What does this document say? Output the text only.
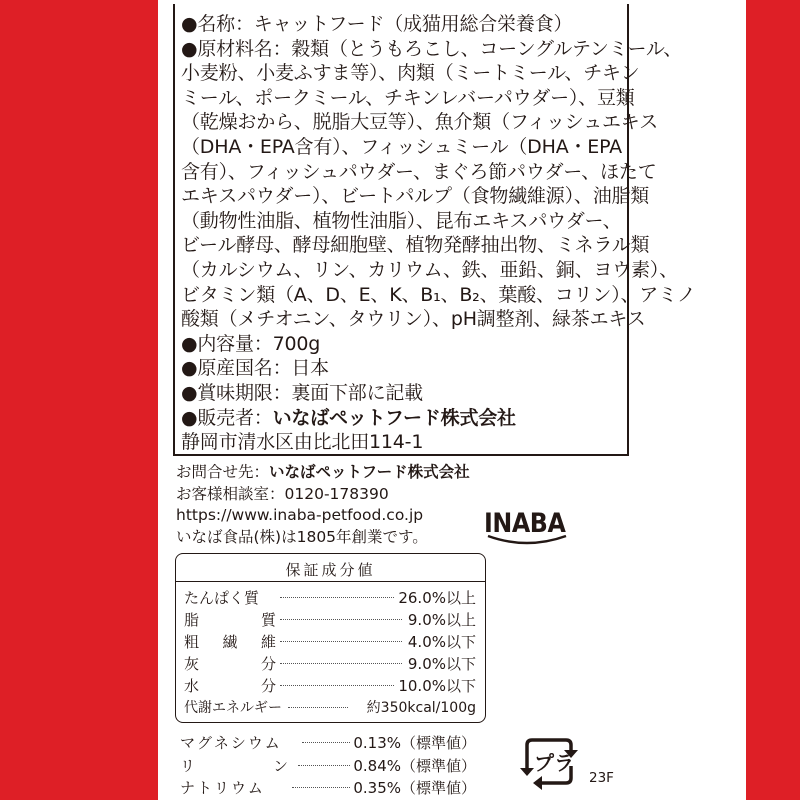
●名称：キャットフード（成猫用総合栄養食）
●原材料名：穀類（とうもろこし、コーングルテンミール、
小麦粉、小麦ふすま等）、肉類（ミートミール、チキン
ミール、ポークミール、チキンレバーパウダー）、豆類
（乾燥おから、脱脂大豆等）、魚介類（フィッシュエキス
（DHA・EPA含有）、フィッシュミール（DHA・EPA
含有）、フィッシュパウダー、まぐろ節パウダー、ほたて
エキスパウダー）、ビートパルプ（食物繊維源）、油脂類
（動物性油脂、植物性油脂）、昆布エキスパウダー、
ビール酵母、酵母細胞壁、植物発酵抽出物、ミネラル類
（カルシウム、リン、カリウム、鉄、亜鉛、銅、ヨウ素）、
ビタミン類（A、D、E、K、B₁、B₂、葉酸、コリン）、アミノ
酸類（メチオニン、タウリン）、pH調整剤、緑茶エキス
●内容量：700g
●原産国名：日本
●賞味期限：裏面下部に記載
●販売者：いなばペットフード株式会社
静岡市清水区由比北田114-1
お問合せ先：いなばペットフード株式会社
お客様相談室：0120-178390
https://www.inaba-petfood.co.jp
いなば食品(株)は1805年創業です。	INABA
保証成分値
たんぱく質	26.0%以上
脂	質	9.0%以上
粗 繊 維	4.0%以下
灰	分	9.0%以下
水	分	10.0%以下
代謝エネルギー	約350kcal/100g
マグネシウム	0.13%（標準値）
リ	ン	0.84%（標準値）
ナトリウム	0.35%（標準値）
プラ
23F
